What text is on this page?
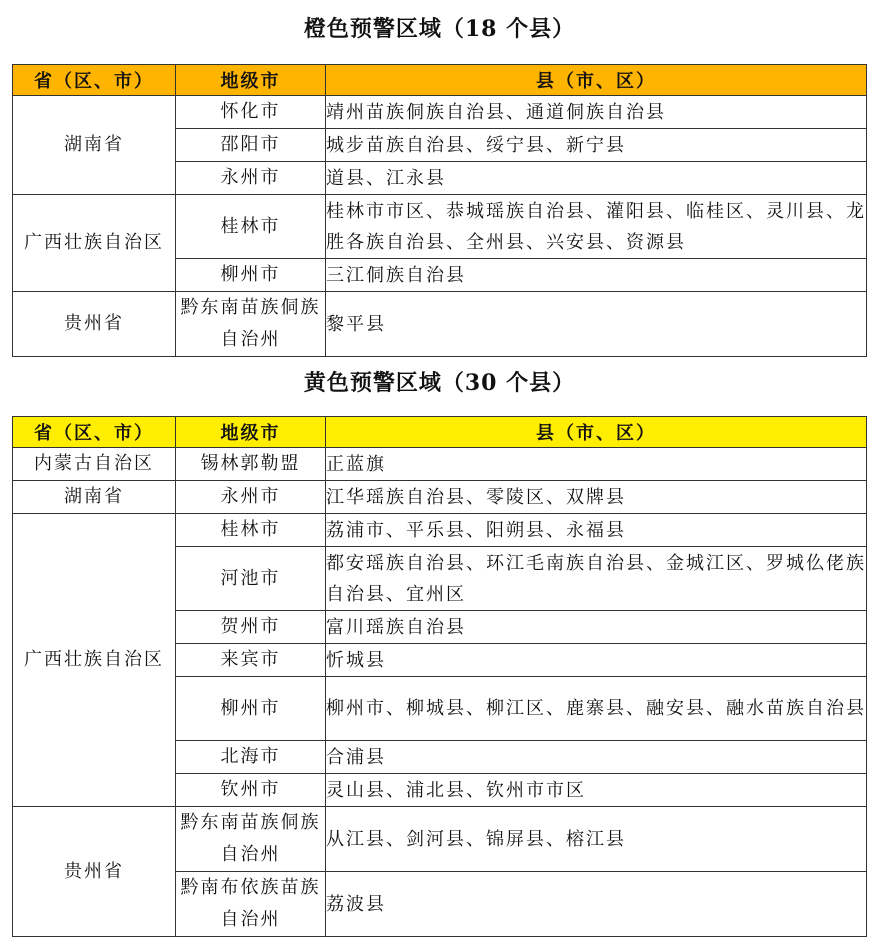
橙色预警区域（18 个县）
省（区、市）	地级市	县（市、区）
湖南省	怀化市	靖州苗族侗族自治县、通道侗族自治县
	邵阳市	城步苗族自治县、绥宁县、新宁县
	永州市	道县、江永县
广西壮族自治区	桂林市	桂林市市区、恭城瑶族自治县、灌阳县、临桂区、灵川县、龙胜各族自治县、全州县、兴安县、资源县
	柳州市	三江侗族自治县
贵州省	黔东南苗族侗族自治州	黎平县
黄色预警区域（30 个县）
省（区、市）	地级市	县（市、区）
内蒙古自治区	锡林郭勒盟	正蓝旗
湖南省	永州市	江华瑶族自治县、零陵区、双牌县
广西壮族自治区	桂林市	荔浦市、平乐县、阳朔县、永福县
	河池市	都安瑶族自治县、环江毛南族自治县、金城江区、罗城仫佬族自治县、宜州区
	贺州市	富川瑶族自治县
	来宾市	忻城县
	柳州市	柳州市、柳城县、柳江区、鹿寨县、融安县、融水苗族自治县
	北海市	合浦县
	钦州市	灵山县、浦北县、钦州市市区
贵州省	黔东南苗族侗族自治州	从江县、剑河县、锦屏县、榕江县
	黔南布依族苗族自治州	荔波县
